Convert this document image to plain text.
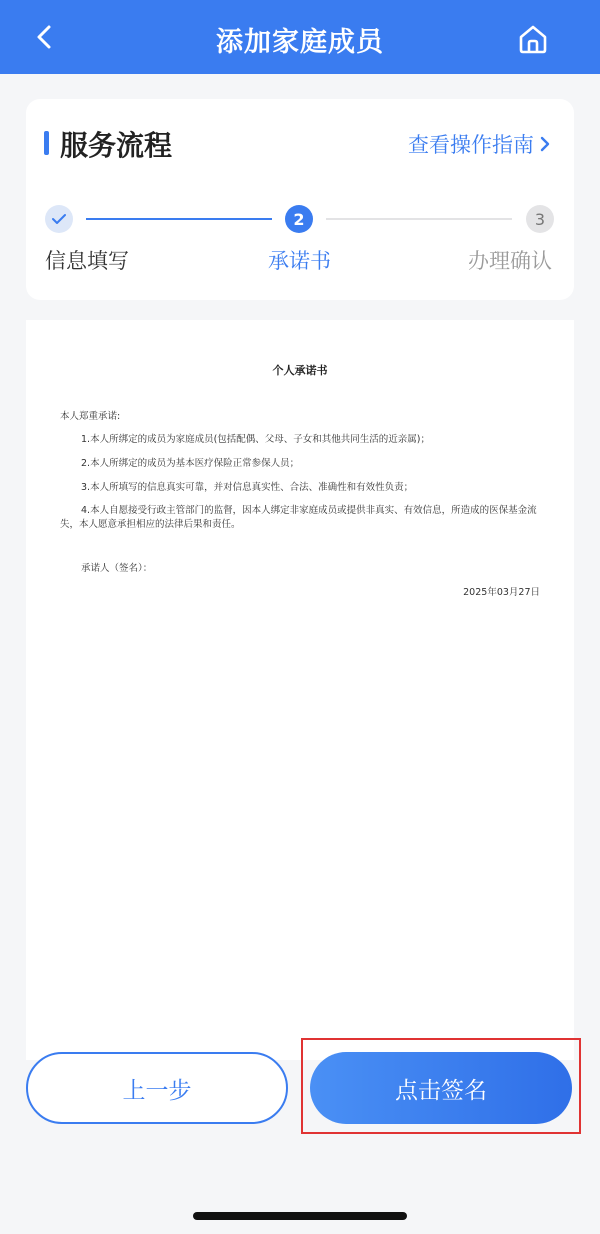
添加家庭成员
服务流程	查看操作指南
2	3
信息填写	承诺书	办理确认
个人承诺书
本人郑重承诺:
1.本人所绑定的成员为家庭成员(包括配偶、父母、子女和其他共同生活的近亲属)；
2.本人所绑定的成员为基本医疗保险正常参保人员；
3.本人所填写的信息真实可靠，并对信息真实性、合法、准确性和有效性负责；
4.本人自愿接受行政主管部门的监督，因本人绑定非家庭成员或提供非真实、有效信息，所造成的医保基金流失，本人愿意承担相应的法律后果和责任。
承诺人（签名）：
2025年03月27日
上一步	点击签名
